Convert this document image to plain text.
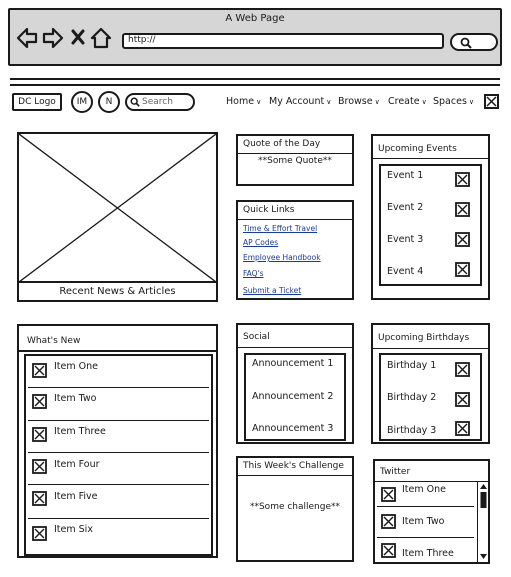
A Web Page
http://
DC Logo	IM	N	Search	Home ∨ My Account ∨ Browse ∨ Create ∨ Spaces ∨
Recent News & Articles
Quote of the Day
**Some Quote**
Quick Links
Time & Effort Travel
AP Codes
Employee Handbook
FAQ's
Submit a Ticket
Upcoming Events
Event 1
Event 2
Event 3
Event 4
What's New
Item One
Item Two
Item Three
Item Four
Item Five
Item Six
Social
Announcement 1
Announcement 2
Announcement 3
Upcoming Birthdays
Birthday 1
Birthday 2
Birthday 3
This Week's Challenge
**Some challenge**
Twitter
Item One
Item Two
Item Three
